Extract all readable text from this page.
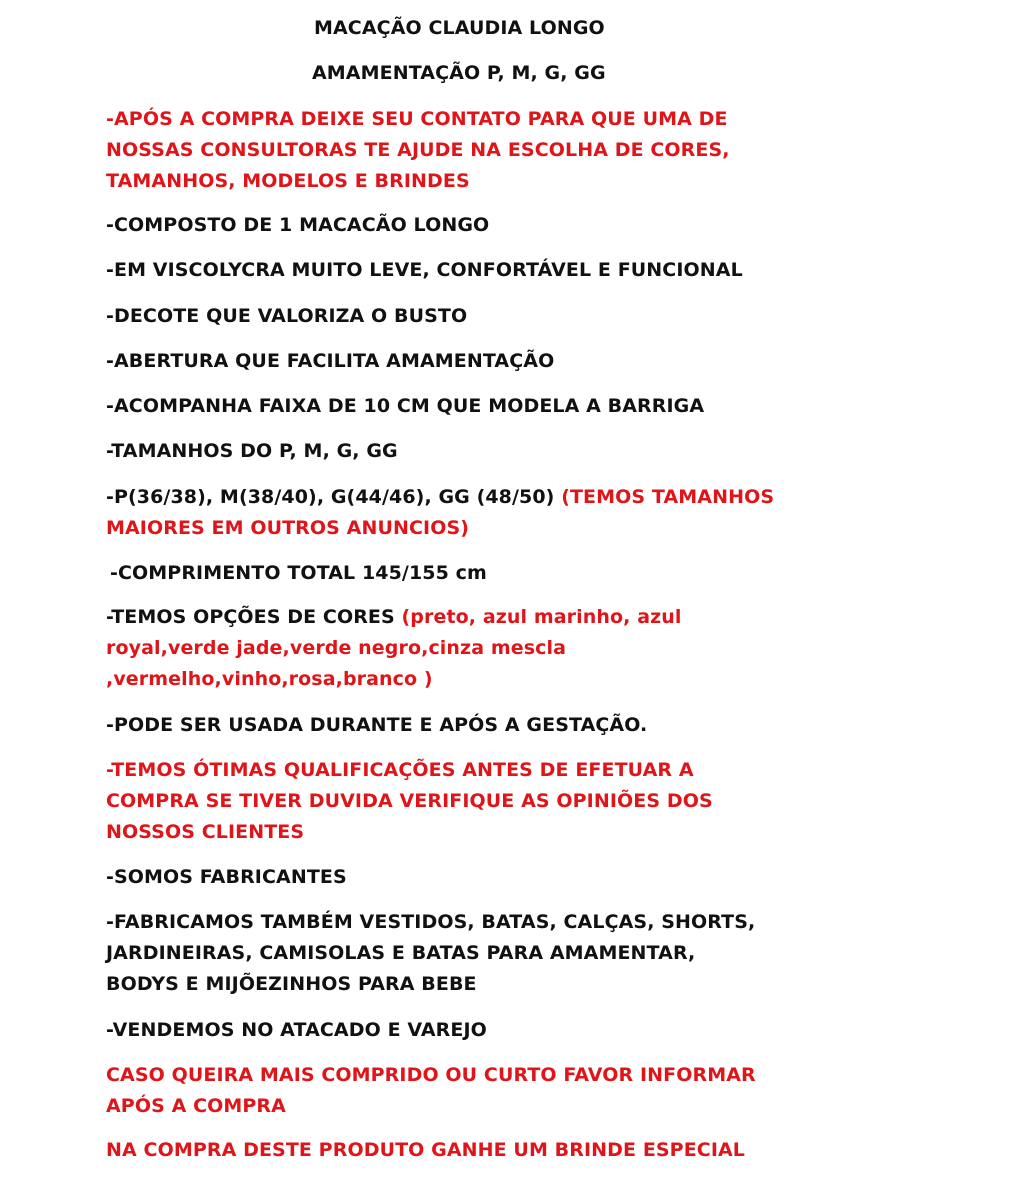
MACAÇÃO CLAUDIA LONGO
AMAMENTAÇÃO P, M, G, GG
-APÓS A COMPRA DEIXE SEU CONTATO PARA QUE UMA DE
NOSSAS CONSULTORAS TE AJUDE NA ESCOLHA DE CORES,
TAMANHOS, MODELOS E BRINDES
-COMPOSTO DE 1 MACACÃO LONGO
-EM VISCOLYCRA MUITO LEVE, CONFORTÁVEL E FUNCIONAL
-DECOTE QUE VALORIZA O BUSTO
-ABERTURA QUE FACILITA AMAMENTAÇÃO
-ACOMPANHA FAIXA DE 10 CM QUE MODELA A BARRIGA
-TAMANHOS DO P, M, G, GG
-P(36/38), M(38/40), G(44/46), GG (48/50) (TEMOS TAMANHOS
MAIORES EM OUTROS ANUNCIOS)
-COMPRIMENTO TOTAL 145/155 cm
-TEMOS OPÇÕES DE CORES (preto, azul marinho, azul
royal,verde jade,verde negro,cinza mescla
,vermelho,vinho,rosa,branco )
-PODE SER USADA DURANTE E APÓS A GESTAÇÃO.
-TEMOS ÓTIMAS QUALIFICAÇÕES ANTES DE EFETUAR A
COMPRA SE TIVER DUVIDA VERIFIQUE AS OPINIÕES DOS
NOSSOS CLIENTES
-SOMOS FABRICANTES
-FABRICAMOS TAMBÉM VESTIDOS, BATAS, CALÇAS, SHORTS,
JARDINEIRAS, CAMISOLAS E BATAS PARA AMAMENTAR,
BODYS E MIJÕEZINHOS PARA BEBE
-VENDEMOS NO ATACADO E VAREJO
CASO QUEIRA MAIS COMPRIDO OU CURTO FAVOR INFORMAR
APÓS A COMPRA
NA COMPRA DESTE PRODUTO GANHE UM BRINDE ESPECIAL
